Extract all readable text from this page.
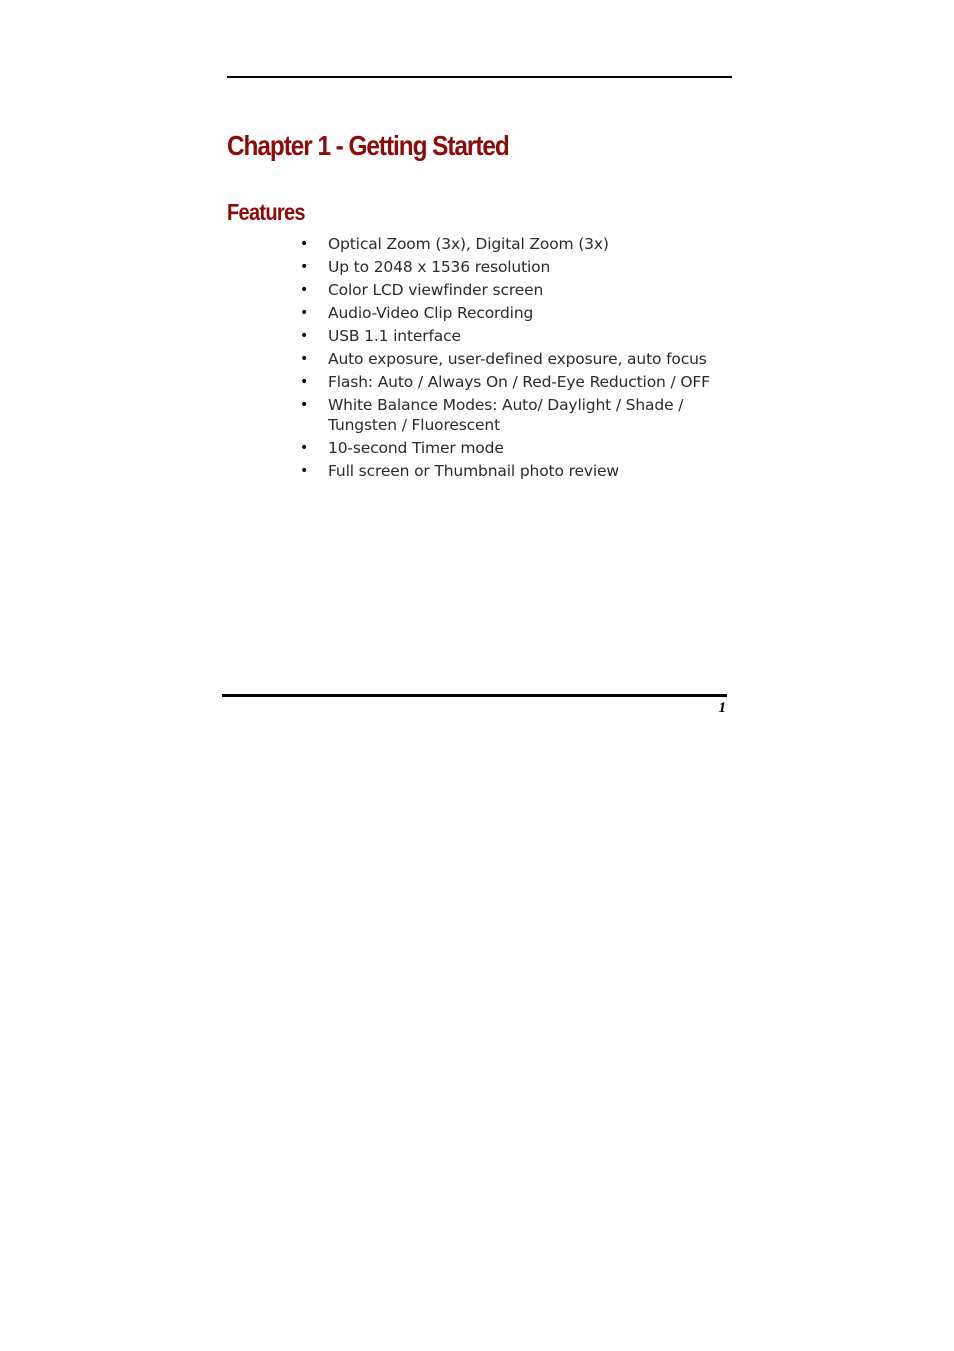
Chapter 1 - Getting Started
Features
• Optical Zoom (3x), Digital Zoom (3x)
• Up to 2048 x 1536 resolution
• Color LCD viewfinder screen
• Audio-Video Clip Recording
• USB 1.1 interface
• Auto exposure, user-defined exposure, auto focus
• Flash: Auto / Always On / Red-Eye Reduction / OFF
• White Balance Modes: Auto/ Daylight / Shade / Tungsten / Fluorescent
• 10-second Timer mode
• Full screen or Thumbnail photo review
1
